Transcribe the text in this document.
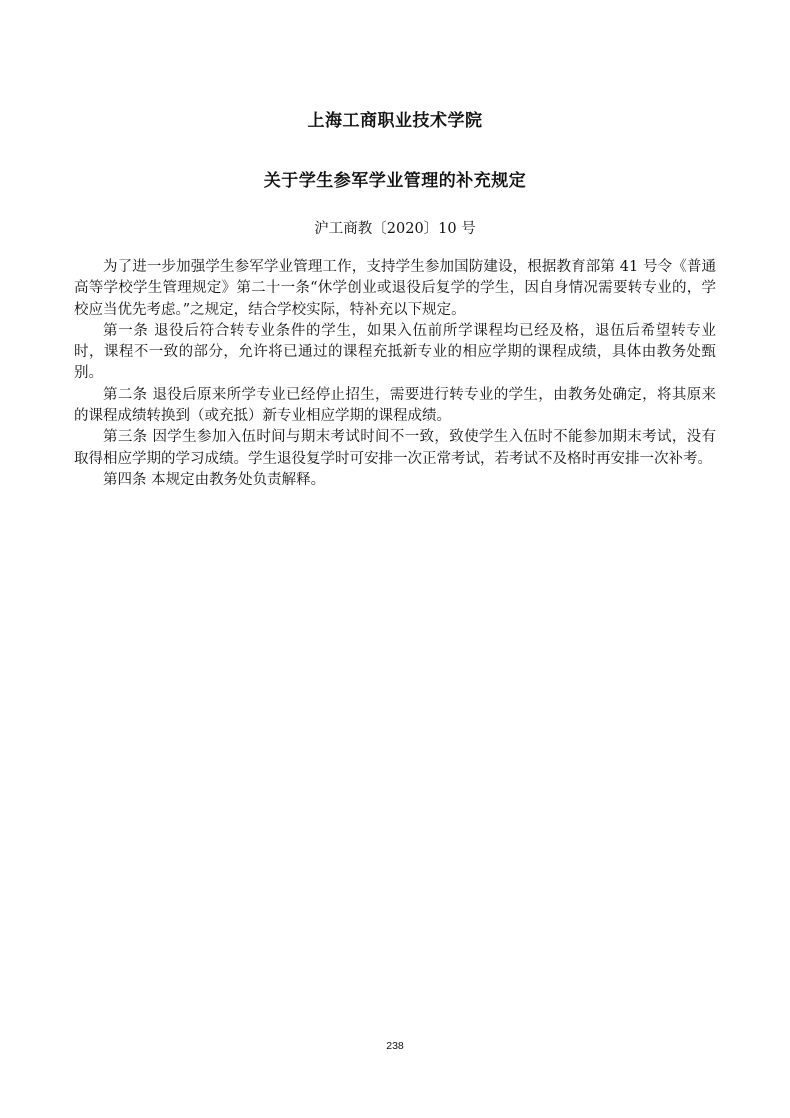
上海工商职业技术学院
关于学生参军学业管理的补充规定
沪工商教〔2020〕10 号

为了进一步加强学生参军学业管理工作，支持学生参加国防建设，根据教育部第 41 号令《普通高等学校学生管理规定》第二十一条“休学创业或退役后复学的学生，因自身情况需要转专业的，学校应当优先考虑。”之规定，结合学校实际，特补充以下规定。

第一条 退役后符合转专业条件的学生，如果入伍前所学课程均已经及格，退伍后希望转专业时，课程不一致的部分，允许将已通过的课程充抵新专业的相应学期的课程成绩，具体由教务处甄别。

第二条 退役后原来所学专业已经停止招生，需要进行转专业的学生，由教务处确定，将其原来的课程成绩转换到（或充抵）新专业相应学期的课程成绩。

第三条 因学生参加入伍时间与期末考试时间不一致，致使学生入伍时不能参加期末考试，没有取得相应学期的学习成绩。学生退役复学时可安排一次正常考试，若考试不及格时再安排一次补考。

第四条 本规定由教务处负责解释。

238
